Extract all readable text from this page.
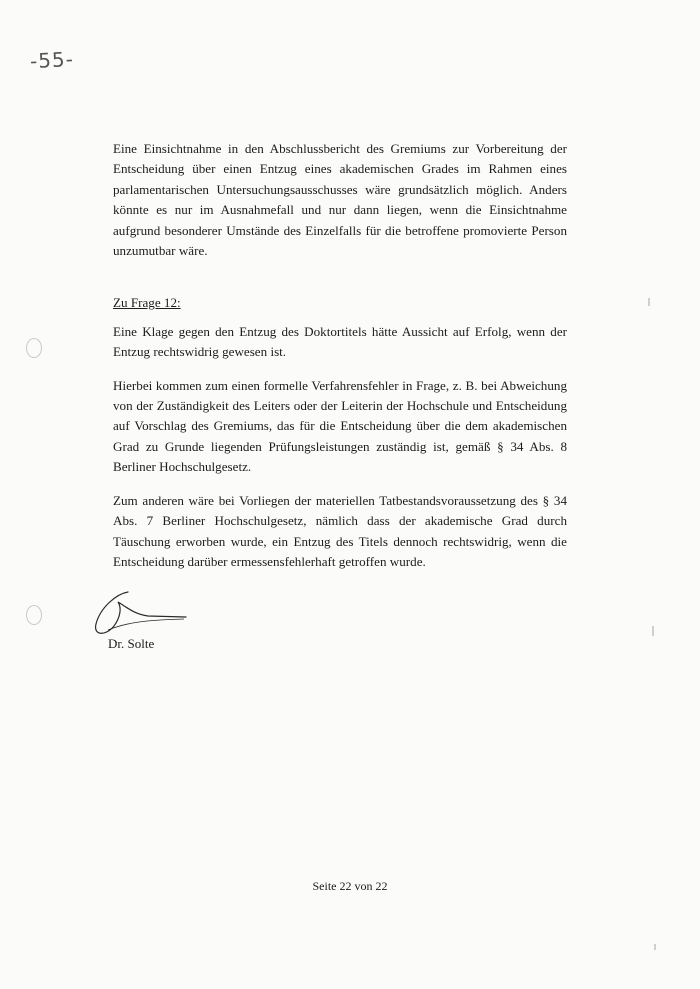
-55-

Eine Einsichtnahme in den Abschlussbericht des Gremiums zur Vorbereitung der Entscheidung über einen Entzug eines akademischen Grades im Rahmen eines parlamentarischen Untersuchungsausschusses wäre grundsätzlich möglich. Anders könnte es nur im Ausnahmefall und nur dann liegen, wenn die Einsichtnahme aufgrund besonderer Umstände des Einzelfalls für die betroffene promovierte Person unzumutbar wäre.

Zu Frage 12:

Eine Klage gegen den Entzug des Doktortitels hätte Aussicht auf Erfolg, wenn der Entzug rechtswidrig gewesen ist.

Hierbei kommen zum einen formelle Verfahrensfehler in Frage, z. B. bei Abweichung von der Zuständigkeit des Leiters oder der Leiterin der Hochschule und Entscheidung auf Vorschlag des Gremiums, das für die Entscheidung über die dem akademischen Grad zu Grunde liegenden Prüfungsleistungen zuständig ist, gemäß § 34 Abs. 8 Berliner Hochschulgesetz.

Zum anderen wäre bei Vorliegen der materiellen Tatbestandsvoraussetzung des § 34 Abs. 7 Berliner Hochschulgesetz, nämlich dass der akademische Grad durch Täuschung erworben wurde, ein Entzug des Titels dennoch rechtswidrig, wenn die Entscheidung darüber ermessensfehlerhaft getroffen wurde.

Dr. Solte
Seite 22 von 22
